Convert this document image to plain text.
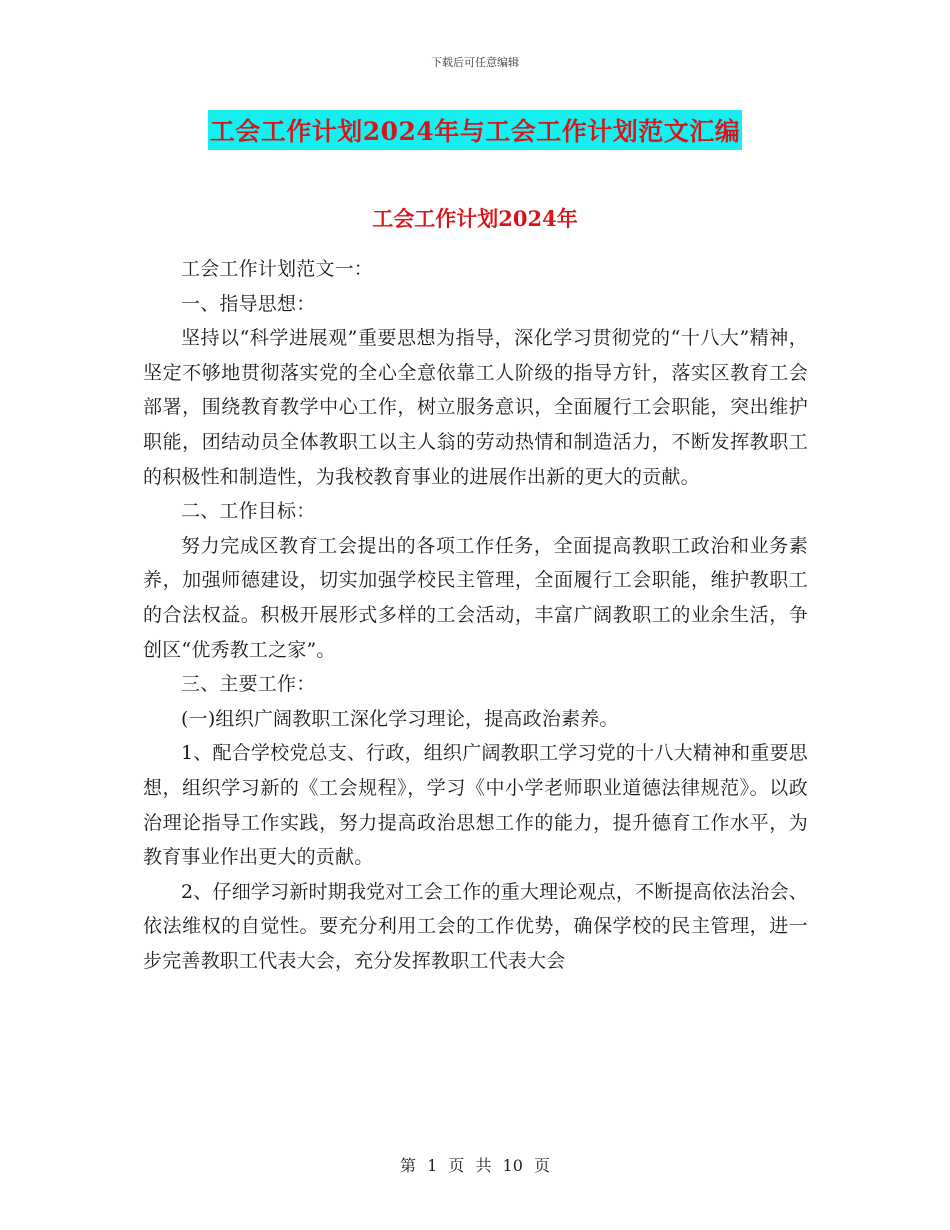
下载后可任意编辑
工会工作计划2024年与工会工作计划范文汇编
工会工作计划2024年

工会工作计划范文一：

一、指导思想：

坚持以“科学进展观”重要思想为指导，深化学习贯彻党的“十八大”精神，坚定不够地贯彻落实党的全心全意依靠工人阶级的指导方针，落实区教育工会部署，围绕教育教学中心工作，树立服务意识，全面履行工会职能，突出维护职能，团结动员全体教职工以主人翁的劳动热情和制造活力，不断发挥教职工的积极性和制造性，为我校教育事业的进展作出新的更大的贡献。

二、工作目标：

努力完成区教育工会提出的各项工作任务，全面提高教职工政治和业务素养，加强师德建设，切实加强学校民主管理，全面履行工会职能，维护教职工的合法权益。积极开展形式多样的工会活动，丰富广阔教职工的业余生活，争创区“优秀教工之家”。

三、主要工作：

(一)组织广阔教职工深化学习理论，提高政治素养。

1、配合学校党总支、行政，组织广阔教职工学习党的十八大精神和重要思想，组织学习新的《工会规程》，学习《中小学老师职业道德法律规范》。以政治理论指导工作实践，努力提高政治思想工作的能力，提升德育工作水平，为教育事业作出更大的贡献。

2、仔细学习新时期我党对工会工作的重大理论观点，不断提高依法治会、依法维权的自觉性。要充分利用工会的工作优势，确保学校的民主管理，进一步完善教职工代表大会，充分发挥教职工代表大会

第 1 页 共 10 页
